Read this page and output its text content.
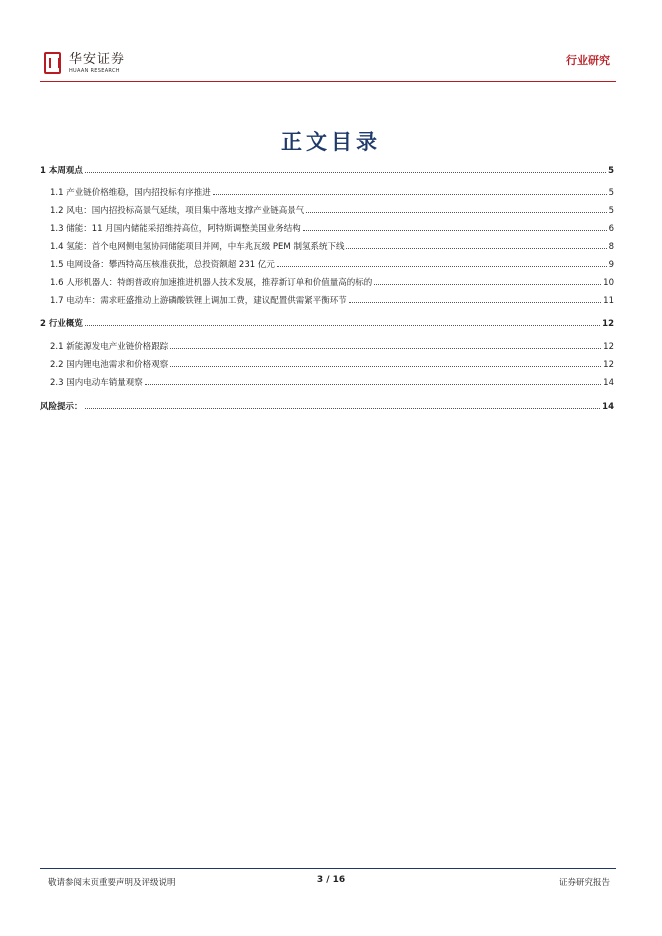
华安证券
HUAAN RESEARCH
行业研究
正文目录
1 本周观点	5
1.1 产业链价格维稳，国内招投标有序推进	5
1.2 风电：国内招投标高景气延续，项目集中落地支撑产业链高景气	5
1.3 储能：11 月国内储能采招维持高位，阿特斯调整美国业务结构	6
1.4 氢能：首个电网侧电氢协同储能项目并网，中车兆瓦级 PEM 制氢系统下线	8
1.5 电网设备：攀西特高压核准获批，总投资额超 231 亿元	9
1.6 人形机器人：特朗普政府加速推进机器人技术发展，推荐新订单和价值量高的标的	10
1.7 电动车：需求旺盛推动上游磷酸铁锂上调加工费，建议配置供需紧平衡环节	11
2 行业概览	12
2.1 新能源发电产业链价格跟踪	12
2.2 国内锂电池需求和价格观察	12
2.3 国内电动车销量观察	14
风险提示：	14
敬请参阅末页重要声明及评级说明	3 / 16	证券研究报告
